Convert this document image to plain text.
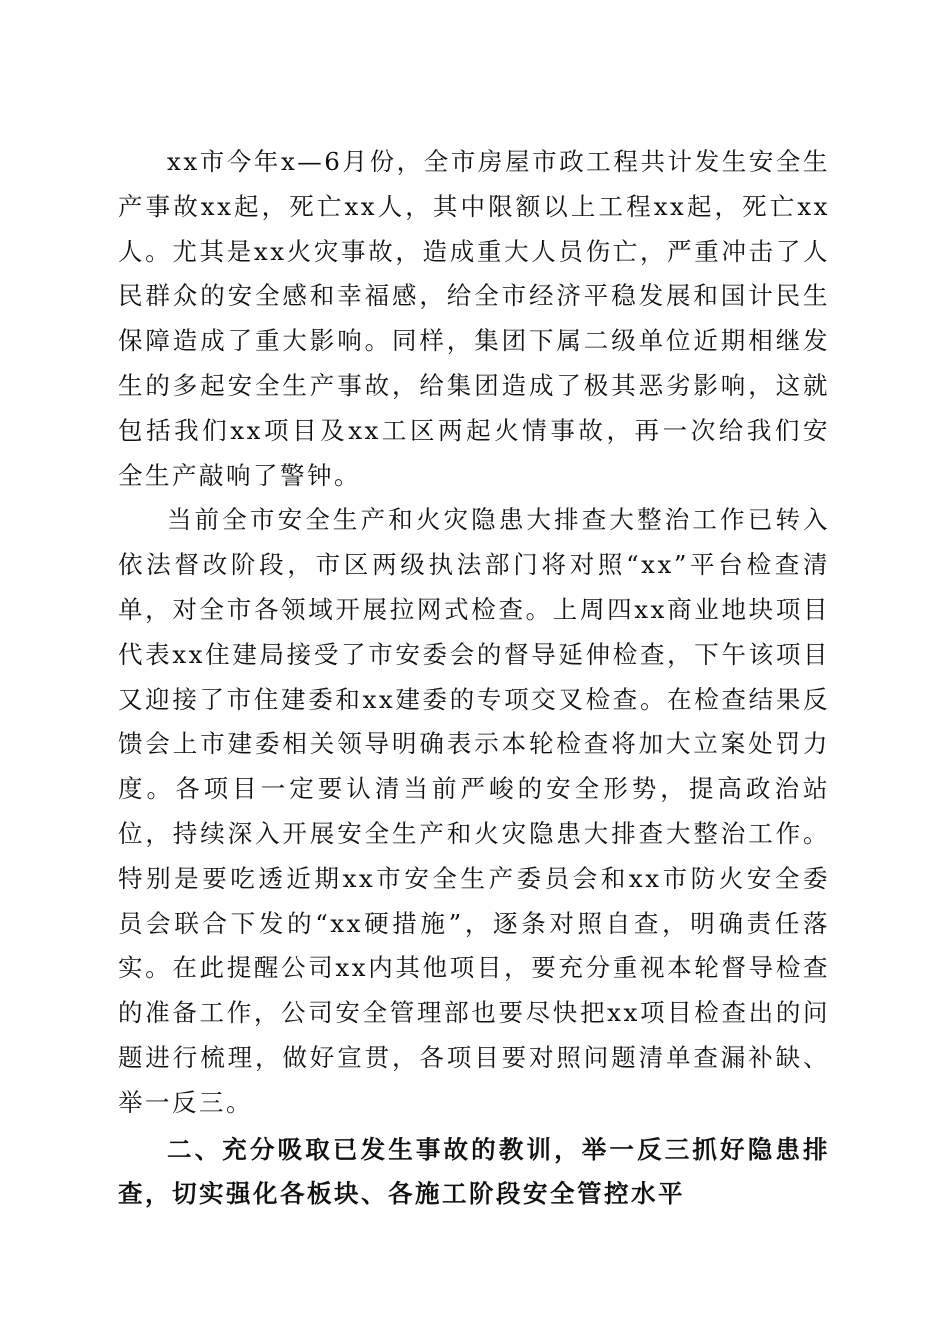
xx市今年x—6月份，全市房屋市政工程共计发生安全生产事故xx起，死亡xx人，其中限额以上工程xx起，死亡xx人。尤其是xx火灾事故，造成重大人员伤亡，严重冲击了人民群众的安全感和幸福感，给全市经济平稳发展和国计民生保障造成了重大影响。同样，集团下属二级单位近期相继发生的多起安全生产事故，给集团造成了极其恶劣影响，这就包括我们xx项目及xx工区两起火情事故，再一次给我们安全生产敲响了警钟。

当前全市安全生产和火灾隐患大排查大整治工作已转入依法督改阶段，市区两级执法部门将对照“xx”平台检查清单，对全市各领域开展拉网式检查。上周四xx商业地块项目代表xx住建局接受了市安委会的督导延伸检查，下午该项目又迎接了市住建委和xx建委的专项交叉检查。在检查结果反馈会上市建委相关领导明确表示本轮检查将加大立案处罚力度。各项目一定要认清当前严峻的安全形势，提高政治站位，持续深入开展安全生产和火灾隐患大排查大整治工作。特别是要吃透近期xx市安全生产委员会和xx市防火安全委员会联合下发的“xx硬措施”，逐条对照自查，明确责任落实。在此提醒公司xx内其他项目，要充分重视本轮督导检查的准备工作，公司安全管理部也要尽快把xx项目检查出的问题进行梳理，做好宣贯，各项目要对照问题清单查漏补缺、举一反三。

二、充分吸取已发生事故的教训，举一反三抓好隐患排查，切实强化各板块、各施工阶段安全管控水平
